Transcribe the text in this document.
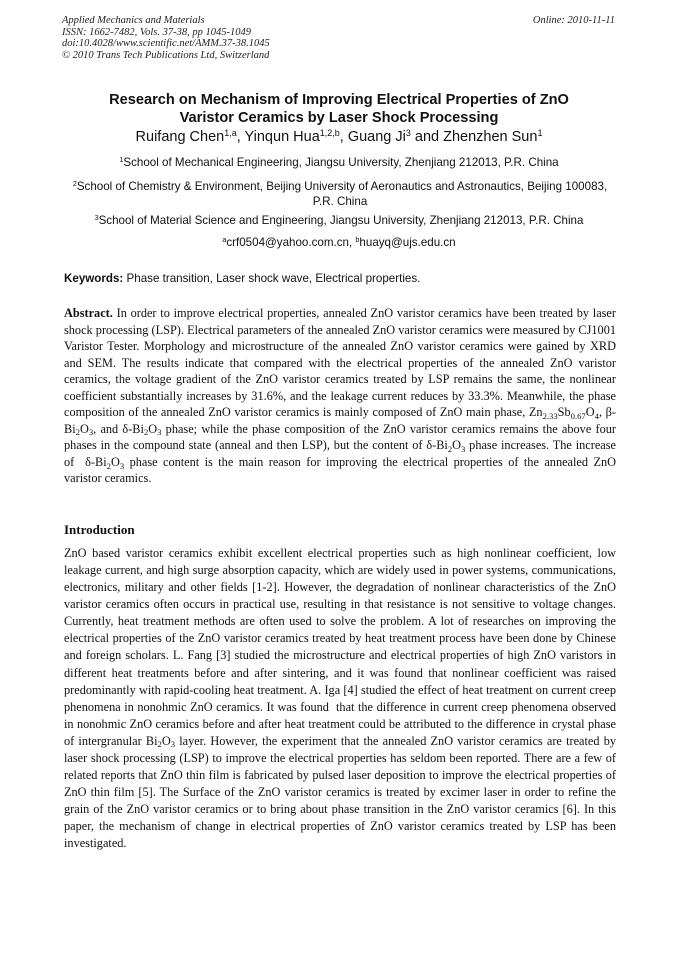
Applied Mechanics and Materials
ISSN: 1662-7482, Vols. 37-38, pp 1045-1049
doi:10.4028/www.scientific.net/AMM.37-38.1045
© 2010 Trans Tech Publications Ltd, Switzerland
Online: 2010-11-11
Research on Mechanism of Improving Electrical Properties of ZnO
Varistor Ceramics by Laser Shock Processing
Ruifang Chen$^{1,a}$, Yinqun Hua$^{1,2,b}$, Guang Ji$^3$ and Zhenzhen Sun$^1$
$^1$School of Mechanical Engineering, Jiangsu University, Zhenjiang 212013, P.R. China
$^2$School of Chemistry & Environment, Beijing University of Aeronautics and Astronautics, Beijing 100083, P.R. China
$^3$School of Material Science and Engineering, Jiangsu University, Zhenjiang 212013, P.R. China
$^a$crf0504@yahoo.com.cn, $^b$huayq@ujs.edu.cn
Keywords: Phase transition, Laser shock wave, Electrical properties.
Abstract. In order to improve electrical properties, annealed ZnO varistor ceramics have been treated by laser shock processing (LSP). Electrical parameters of the annealed ZnO varistor ceramics were measured by CJ1001 Varistor Tester. Morphology and microstructure of the annealed ZnO varistor ceramics were gained by XRD and SEM. The results indicate that compared with the electrical properties of the annealed ZnO varistor ceramics, the voltage gradient of the ZnO varistor ceramics treated by LSP remains the same, the nonlinear coefficient substantially increases by 31.6%, and the leakage current reduces by 33.3%. Meanwhile, the phase composition of the annealed ZnO varistor ceramics is mainly composed of ZnO main phase, $Zn_{2.33}Sb_{0.67}O_4$, $\beta-Bi_2O_3$, and $\delta-Bi_2O_3$ phase; while the phase composition of the ZnO varistor ceramics remains the above four phases in the compound state (anneal and then LSP), but the content of $\delta-Bi_2O_3$ phase increases. The increase of  $\delta-Bi_2O_3$ phase content is the main reason for improving the electrical properties of the annealed ZnO varistor ceramics.
Introduction
ZnO based varistor ceramics exhibit excellent electrical properties such as high nonlinear coefficient, low leakage current, and high surge absorption capacity, which are widely used in power systems, communications, electronics, military and other fields [1-2]. However, the degradation of nonlinear characteristics of the ZnO varistor ceramics often occurs in practical use, resulting in that resistance is not sensitive to voltage changes. Currently, heat treatment methods are often used to solve the problem. A lot of researches on improving the electrical properties of the ZnO varistor ceramics treated by heat treatment process have been done by Chinese and foreign scholars. L. Fang [3] studied the microstructure and electrical properties of high ZnO varistors in different heat treatments before and after sintering, and it was found that nonlinear coefficient was raised predominantly with rapid-cooling heat treatment. A. Iga [4] studied the effect of heat treatment on current creep phenomena in nonohmic ZnO ceramics. It was found  that the difference in current creep phenomena observed in nonohmic ZnO ceramics before and after heat treatment could be attributed to the difference in crystal phase of intergranular $Bi_2O_3$ layer. However, the experiment that the annealed ZnO varistor ceramics are treated by laser shock processing (LSP) to improve the electrical properties has seldom been reported. There are a few of related reports that ZnO thin film is fabricated by pulsed laser deposition to improve the electrical properties of ZnO thin film [5]. The Surface of the ZnO varistor ceramics is treated by excimer laser in order to refine the grain of the ZnO varistor ceramics or to bring about phase transition in the ZnO varistor ceramics [6]. In this paper, the mechanism of change in electrical properties of ZnO varistor ceramics treated by LSP has been investigated.
